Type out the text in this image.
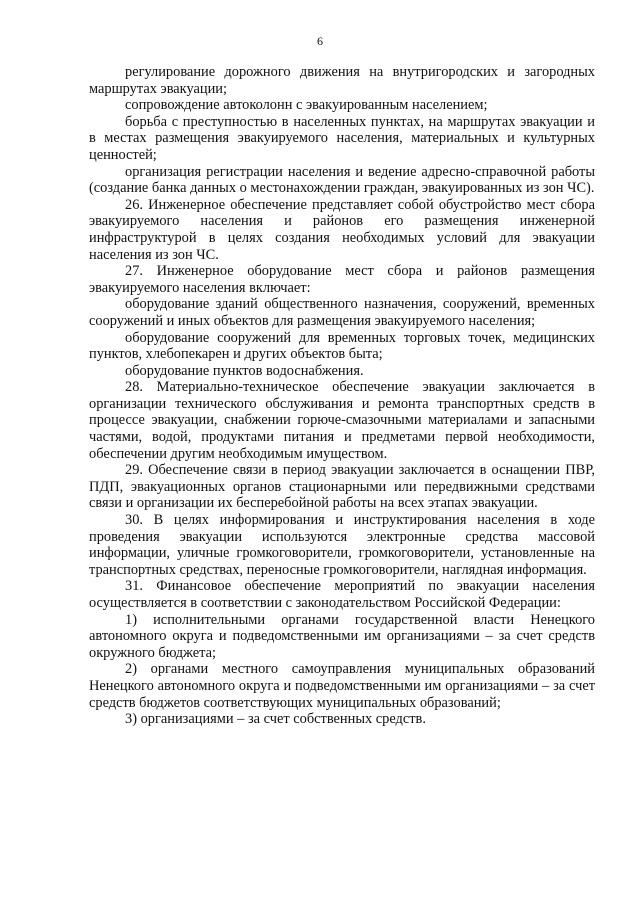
6

регулирование дорожного движения на внутригородских и загородных маршрутах эвакуации;

сопровождение автоколонн с эвакуированным населением;

борьба с преступностью в населенных пунктах, на маршрутах эвакуации и в местах размещения эвакуируемого населения, материальных и культурных ценностей;

организация регистрации населения и ведение адресно-справочной работы (создание банка данных о местонахождении граждан, эвакуированных из зон ЧС).

26. Инженерное обеспечение представляет собой обустройство мест сбора эвакуируемого населения и районов его размещения инженерной инфраструктурой в целях создания необходимых условий для эвакуации населения из зон ЧС.

27. Инженерное оборудование мест сбора и районов размещения эвакуируемого населения включает:

оборудование зданий общественного назначения, сооружений, временных сооружений и иных объектов для размещения эвакуируемого населения;

оборудование сооружений для временных торговых точек, медицинских пунктов, хлебопекарен и других объектов быта;

оборудование пунктов водоснабжения.

28. Материально-техническое обеспечение эвакуации заключается в организации технического обслуживания и ремонта транспортных средств в процессе эвакуации, снабжении горюче-смазочными материалами и запасными частями, водой, продуктами питания и предметами первой необходимости, обеспечении другим необходимым имуществом.

29. Обеспечение связи в период эвакуации заключается в оснащении ПВР, ПДП, эвакуационных органов стационарными или передвижными средствами связи и организации их бесперебойной работы на всех этапах эвакуации.

30. В целях информирования и инструктирования населения в ходе проведения эвакуации используются электронные средства массовой информации, уличные громкоговорители, громкоговорители, установленные на транспортных средствах, переносные громкоговорители, наглядная информация.

31. Финансовое обеспечение мероприятий по эвакуации населения осуществляется в соответствии с законодательством Российской Федерации:

1) исполнительными органами государственной власти Ненецкого автономного округа и подведомственными им организациями – за счет средств окружного бюджета;

2) органами местного самоуправления муниципальных образований Ненецкого автономного округа и подведомственными им организациями – за счет средств бюджетов соответствующих муниципальных образований;

3) организациями – за счет собственных средств.
